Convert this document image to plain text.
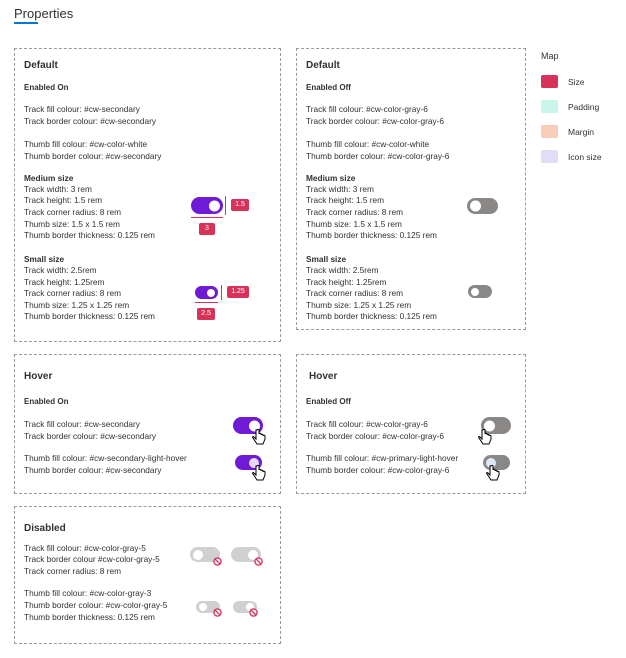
Properties
Default
Enabled On
Track fill colour: #cw-secondary
Track border colour: #cw-secondary
Thumb fill colour: #cw-color-white
Thumb border colour: #cw-secondary
Medium size
Track width: 3 rem
Track height: 1.5 rem
Track corner radius: 8 rem
Thumb size: 1.5 x 1.5 rem
Thumb border thickness: 0.125 rem
1.5
3
Small size
Track width: 2.5rem
Track height: 1.25rem
Track corner radius: 8 rem
Thumb size: 1.25 x 1.25 rem
Thumb border thickness: 0.125 rem
1.25
2.5
Default
Enabled Off
Track fill colour: #cw-color-gray-6
Track border colour: #cw-color-gray-6
Thumb fill colour: #cw-color-white
Thumb border colour: #cw-color-gray-6
Medium size
Track width: 3 rem
Track height: 1.5 rem
Track corner radius: 8 rem
Thumb size: 1.5 x 1.5 rem
Thumb border thickness: 0.125 rem
Small size
Track width: 2.5rem
Track height: 1.25rem
Track corner radius: 8 rem
Thumb size: 1.25 x 1.25 rem
Thumb border thickness: 0.125 rem
Map
Size
Padding
Margin
Icon size
Hover
Enabled On
Track fill colour: #cw-secondary
Track border colour: #cw-secondary
Thumb fill colour: #cw-secondary-light-hover
Thumb border colour: #cw-secondary
Hover
Enabled Off
Track fill colour: #cw-color-gray-6
Track border colour: #cw-color-gray-6
Thumb fill colour: #cw-primary-light-hover
Thumb border colour: #cw-color-gray-6
Disabled
Track fill colour: #cw-color-gray-5
Track border colour #cw-color-gray-5
Track corner radius: 8 rem
Thumb fill colour: #cw-color-gray-3
Thumb border colour: #cw-color-gray-5
Thumb border thickness: 0.125 rem
